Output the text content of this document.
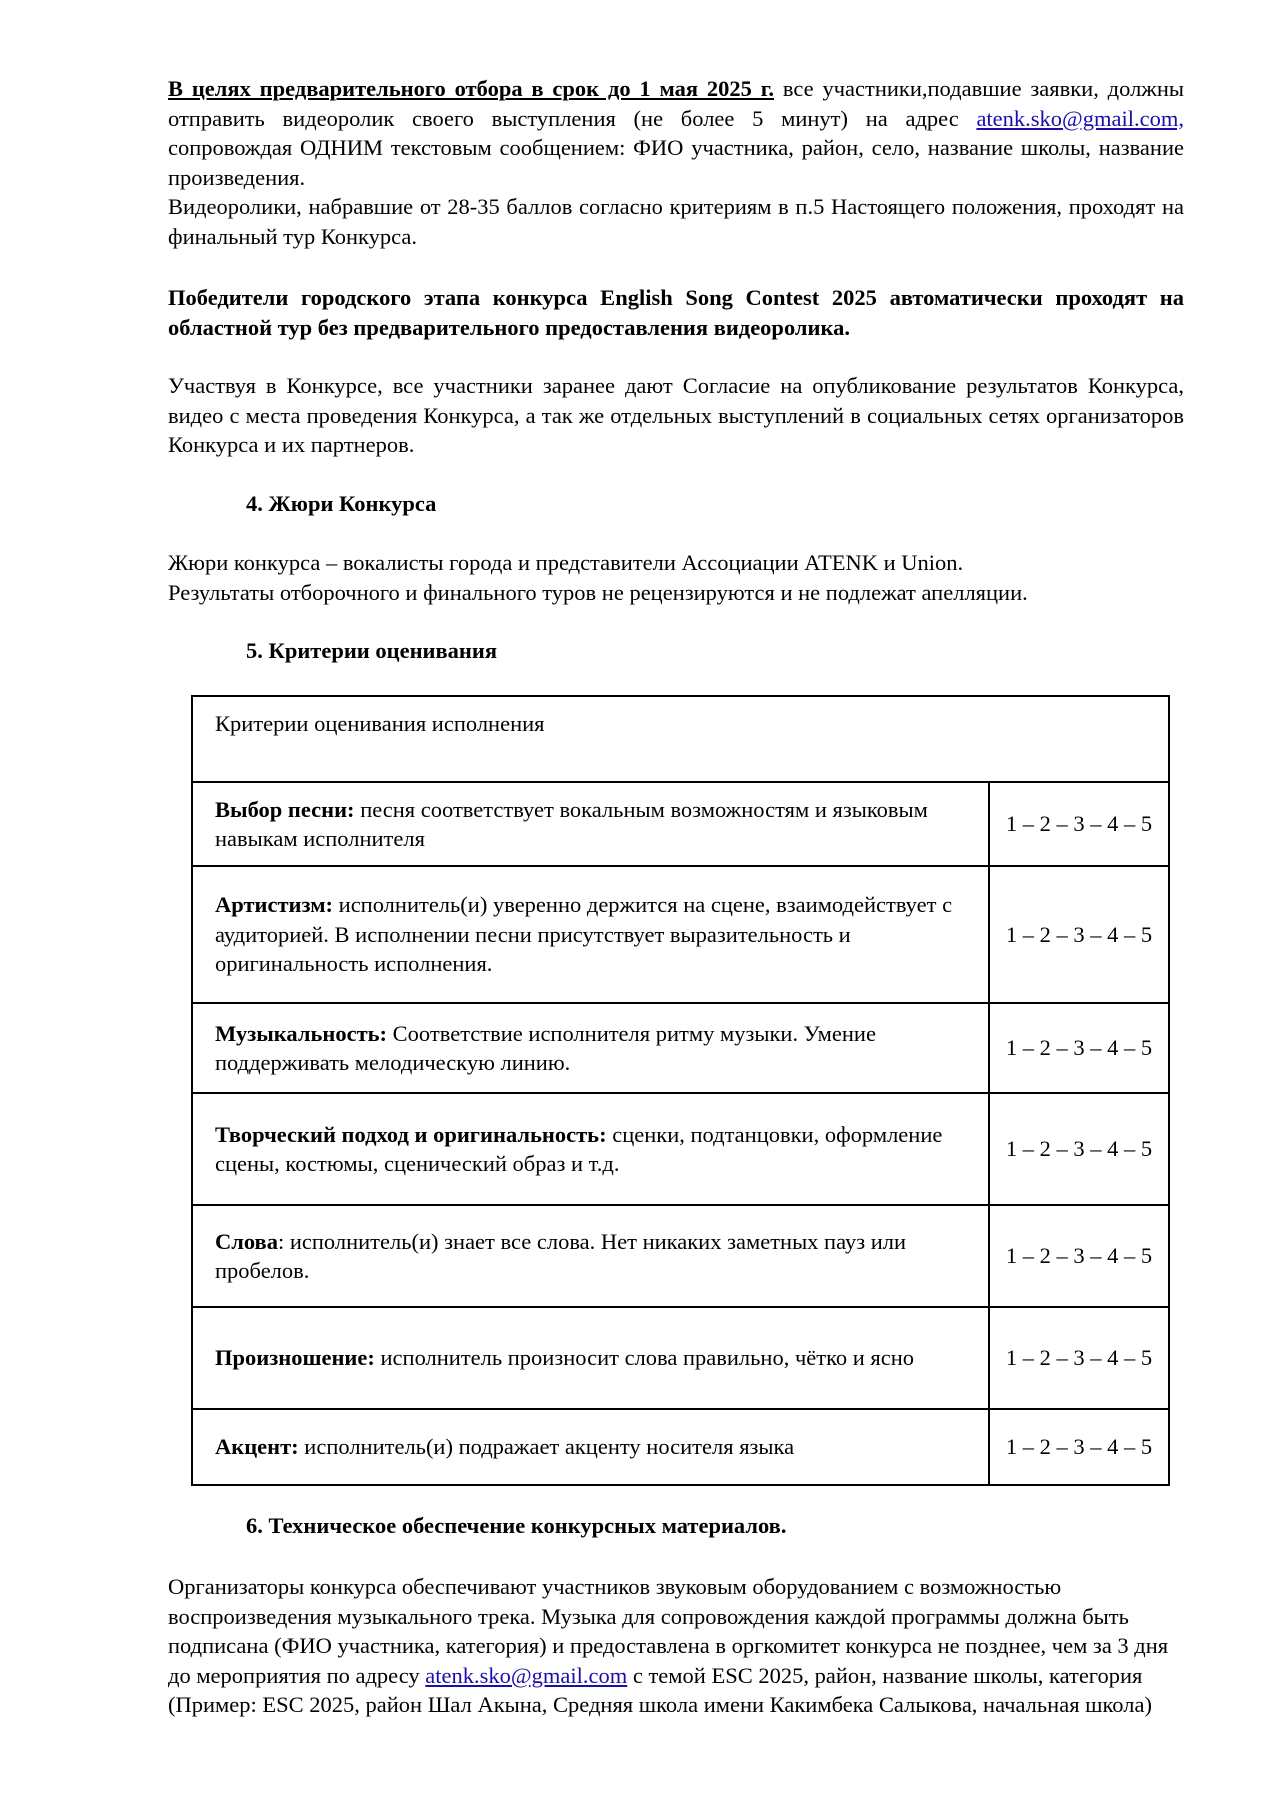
В целях предварительного отбора в срок до 1 мая 2025 г. все участники,подавшие заявки, должны отправить видеоролик своего выступления (не более 5 минут) на адрес atenk.sko@gmail.com, сопровождая ОДНИМ текстовым сообщением: ФИО участника, район, село, название школы, название произведения.

Видеоролики, набравшие от 28-35 баллов согласно критериям в п.5 Настоящего положения, проходят на финальный тур Конкурса.

Победители городского этапа конкурса English Song Contest 2025 автоматически проходят на областной тур без предварительного предоставления видеоролика.

Участвуя в Конкурсе, все участники заранее дают Согласие на опубликование результатов Конкурса, видео с места проведения Конкурса, а так же отдельных выступлений в социальных сетях организаторов Конкурса и их партнеров.

4. Жюри Конкурса

Жюри конкурса – вокалисты города и представители Ассоциации ATENK и Union.

Результаты отборочного и финального туров не рецензируются и не подлежат апелляции.

5. Критерии оценивания

Критерии оценивания исполнения	
Выбор песни: песня соответствует вокальным возможностям и языковым навыкам исполнителя	1 – 2 – 3 – 4 – 5
Артистизм: исполнитель(и) уверенно держится на сцене, взаимодействует с аудиторией. В исполнении песни присутствует выразительность и оригинальность исполнения.	1 – 2 – 3 – 4 – 5
Музыкальность: Соответствие исполнителя ритму музыки. Умение поддерживать мелодическую линию.	1 – 2 – 3 – 4 – 5
Творческий подход и оригинальность: сценки, подтанцовки, оформление сцены, костюмы, сценический образ и т.д.	1 – 2 – 3 – 4 – 5
Слова: исполнитель(и) знает все слова. Нет никаких заметных пауз или пробелов.	1 – 2 – 3 – 4 – 5
Произношение: исполнитель произносит слова правильно, чётко и ясно	1 – 2 – 3 – 4 – 5
Акцент: исполнитель(и) подражает акценту носителя языка	1 – 2 – 3 – 4 – 5

6. Техническое обеспечение конкурсных материалов.

Организаторы конкурса обеспечивают участников звуковым оборудованием с возможностью воспроизведения музыкального трека. Музыка для сопровождения каждой программы должна быть подписана (ФИО участника, категория) и предоставлена в оргкомитет конкурса не позднее, чем за 3 дня до мероприятия по адресу atenk.sko@gmail.com с темой ESC 2025, район, название школы, категория (Пример: ESC 2025, район Шал Акына, Средняя школа имени Какимбека Салыкова, начальная школа)
